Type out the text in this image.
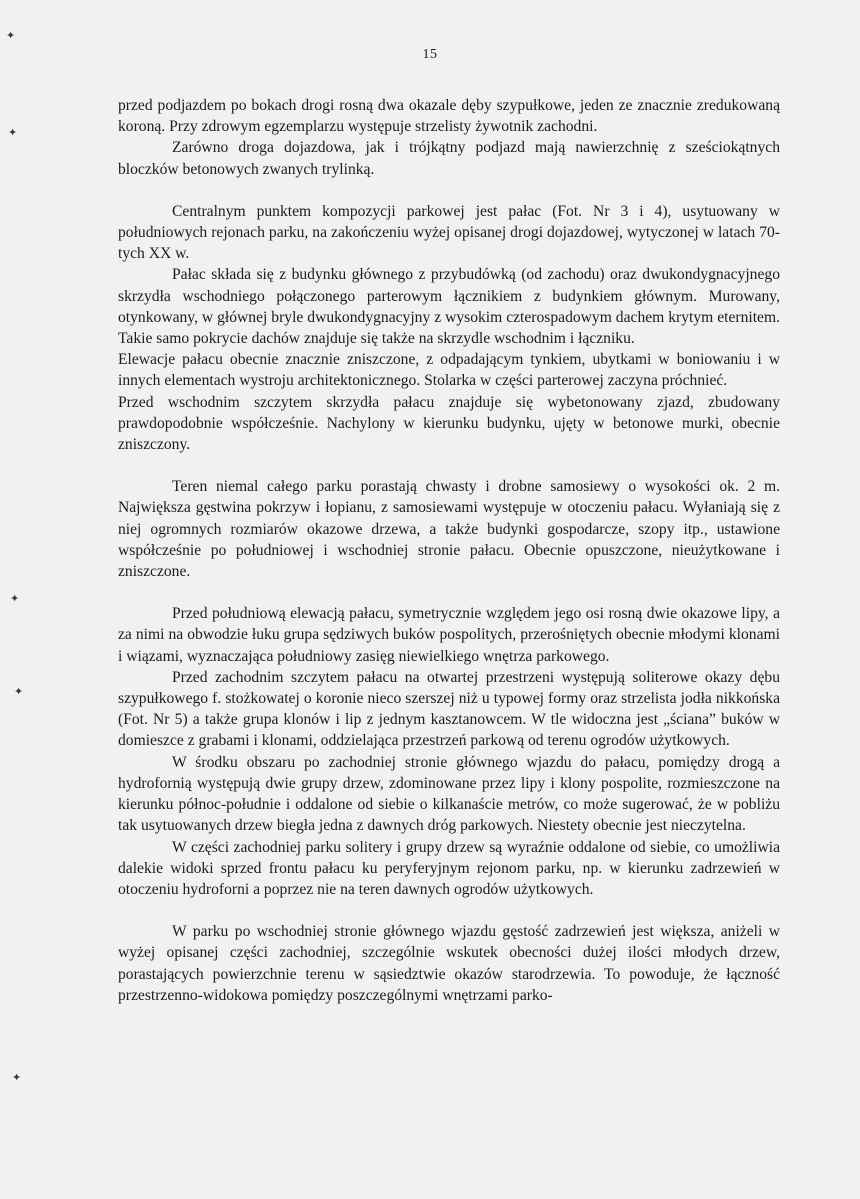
15
✦
✦
✦
✦
✦

przed podjazdem po bokach drogi rosną dwa okazale dęby szypułkowe, jeden ze znacznie zredukowaną koroną. Przy zdrowym egzemplarzu występuje strzelisty żywotnik zachodni.

Zarówno droga dojazdowa, jak i trójkątny podjazd mają nawierzchnię z sześciokątnych bloczków betonowych zwanych trylinką.

Centralnym punktem kompozycji parkowej jest pałac (Fot. Nr 3 i 4), usytuowany w południowych rejonach parku, na zakończeniu wyżej opisanej drogi dojazdowej, wytyczonej w latach 70-tych XX w.

Pałac składa się z budynku głównego z przybudówką (od zachodu) oraz dwukondygnacyjnego skrzydła wschodniego połączonego parterowym łącznikiem z budynkiem głównym. Murowany, otynkowany, w głównej bryle dwukondygnacyjny z wysokim czterospadowym dachem krytym eternitem. Takie samo pokrycie dachów znajduje się także na skrzydle wschodnim i łączniku.

Elewacje pałacu obecnie znacznie zniszczone, z odpadającym tynkiem, ubytkami w boniowaniu i w innych elementach wystroju architektonicznego. Stolarka w części parterowej zaczyna próchnieć.

Przed wschodnim szczytem skrzydła pałacu znajduje się wybetonowany zjazd, zbudowany prawdopodobnie współcześnie. Nachylony w kierunku budynku, ujęty w betonowe murki, obecnie zniszczony.

Teren niemal całego parku porastają chwasty i drobne samosiewy o wysokości ok. 2 m. Największa gęstwina pokrzyw i łopianu, z samosiewami występuje w otoczeniu pałacu. Wyłaniają się z niej ogromnych rozmiarów okazowe drzewa, a także budynki gospodarcze, szopy itp., ustawione współcześnie po południowej i wschodniej stronie pałacu. Obecnie opuszczone, nieużytkowane i zniszczone.

Przed południową elewacją pałacu, symetrycznie względem jego osi rosną dwie okazowe lipy, a za nimi na obwodzie łuku grupa sędziwych buków pospolitych, przerośniętych obecnie młodymi klonami i wiązami, wyznaczająca południowy zasięg niewielkiego wnętrza parkowego.

Przed zachodnim szczytem pałacu na otwartej przestrzeni występują soliterowe okazy dębu szypułkowego f. stożkowatej o koronie nieco szerszej niż u typowej formy oraz strzelista jodła nikkońska (Fot. Nr 5) a także grupa klonów i lip z jednym kasztanowcem. W tle widoczna jest „ściana” buków w domieszce z grabami i klonami, oddzielająca przestrzeń parkową od terenu ogrodów użytkowych.

W środku obszaru po zachodniej stronie głównego wjazdu do pałacu, pomiędzy drogą a hydrofornią występują dwie grupy drzew, zdominowane przez lipy i klony pospolite, rozmieszczone na kierunku północ-południe i oddalone od siebie o kilkanaście metrów, co może sugerować, że w pobliżu tak usytuowanych drzew biegła jedna z dawnych dróg parkowych. Niestety obecnie jest nieczytelna.

W części zachodniej parku solitery i grupy drzew są wyraźnie oddalone od siebie, co umożliwia dalekie widoki sprzed frontu pałacu ku peryferyjnym rejonom parku, np. w kierunku zadrzewień w otoczeniu hydroforni a poprzez nie na teren dawnych ogrodów użytkowych.

W parku po wschodniej stronie głównego wjazdu gęstość zadrzewień jest większa, aniżeli w wyżej opisanej części zachodniej, szczególnie wskutek obecności dużej ilości młodych drzew, porastających powierzchnie terenu w sąsiedztwie okazów starodrzewia. To powoduje, że łączność przestrzenno-widokowa pomiędzy poszczególnymi wnętrzami parko-
